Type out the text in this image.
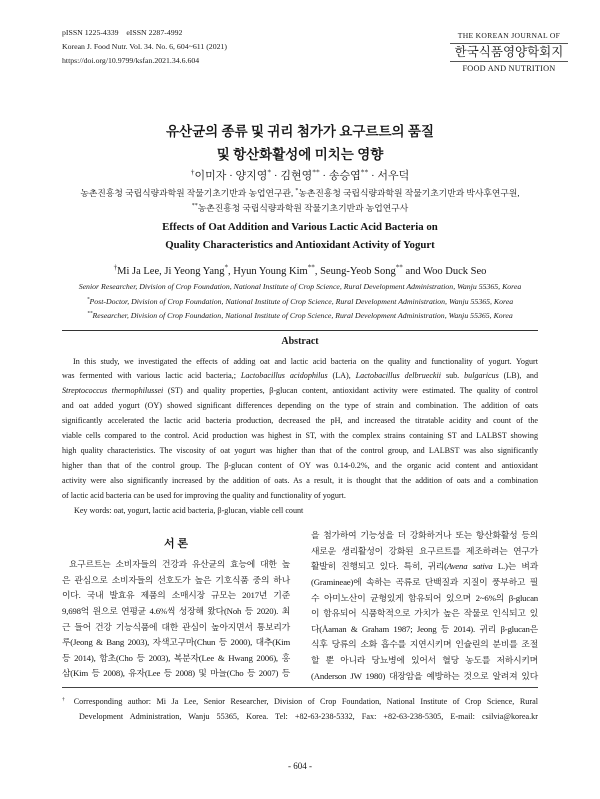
pISSN 1225-4339    eISSN 2287-4992
Korean J. Food Nutr. Vol. 34. No. 6, 604~611 (2021)
https://doi.org/10.9799/ksfan.2021.34.6.604
THE KOREAN JOURNAL OF
한국식품영양학회지
FOOD AND NUTRITION
유산균의 종류 및 귀리 첨가가 요구르트의 품질
및 항산화활성에 미치는 영향
†이미자 · 양지영* · 김현영** · 송승엽** · 서우덕
농촌진흥청 국립식량과학원 작물기초기반과 농업연구관, *농촌진흥청 국립식량과학원 작물기초기반과 박사후연구원,
**농촌진흥청 국립식량과학원 작물기초기반과 농업연구사
Effects of Oat Addition and Various Lactic Acid Bacteria on
Quality Characteristics and Antioxidant Activity of Yogurt
†Mi Ja Lee, Ji Yeong Yang*, Hyun Young Kim**, Seung-Yeob Song** and Woo Duck Seo
Senior Researcher, Division of Crop Foundation, National Institute of Crop Science, Rural Development Administration, Wanju 55365, Korea
*Post-Doctor, Division of Crop Foundation, National Institute of Crop Science, Rural Development Administration, Wanju 55365, Korea
**Researcher, Division of Crop Foundation, National Institute of Crop Science, Rural Development Administration, Wanju 55365, Korea
Abstract
In this study, we investigated the effects of adding oat and lactic acid bacteria on the quality and functionality of yogurt. Yogurt
was fermented with various lactic acid bacteria,; Lactobacillus acidophilus (LA), Lactobacillus delbrueckii sub. bulgaricus (LB), and
Streptococcus thermophilussei (ST) and quality properties, β-glucan content, antioxidant activity were estimated. The quality of control
and oat added yogurt (OY) showed significant differences depending on the type of strain and combination. The addition of oats
significantly accelerated the lactic acid bacteria production, decreased the pH, and increased the titratable acidity and count of the
viable cells compared to the control. Acid production was highest in ST, with the complex strains containing ST and LALBST showing
high quality characteristics. The viscosity of oat yogurt was higher than that of the control group, and LALBST was also significantly
higher than that of the control group. The β-glucan content of OY was 0.14-0.2%, and the organic acid content and antioxidant
activity were also significantly increased by the addition of oats. As a result, it is thought that the addition of oats and a combination
of lactic acid bacteria can be used for improving the quality and functionality of yogurt.
Key words: oat, yogurt, lactic acid bacteria, β-glucan, viable cell count
서 론
요구르트는 소비자들의 건강과 유산균의 효능에 대한 높
은 관심으로 소비자들의 선호도가 높은 기호식품 중의 하나
이다. 국내 발효유 제품의 소매시장 규모는 2017년 기준
9,698억 원으로 연평균 4.6%씩 성장해 왔다(Noh 등 2020). 최
근 들어 건강 기능식품에 대한 관심이 높아지면서 통보리가
루(Jeong & Bang 2003), 자색고구마(Chun 등 2000), 대추(Kim
등 2014), 함초(Cho 등 2003), 복분자(Lee & Hwang 2006), 홍
삼(Kim 등 2008), 유자(Lee 등 2008) 및 마늘(Cho 등 2007) 등
을 첨가하여 기능성을 더 강화하거나 또는 항산화활성 등의
새로운 생리활성이 강화된 요구르트를 제조하려는 연구가
활발히 진행되고 있다. 특히, 귀리(Avena sativa L.)는 벼과
(Gramineae)에 속하는 곡류로 단백질과 지질이 풍부하고 필
수 아미노산이 균형있게 함유되어 있으며 2~6%의 β-glucan
이 함유되어 식품학적으로 가치가 높은 작물로 인식되고 있
다(Åaman & Graham 1987; Jeong 등 2014). 귀리 β-glucan은
식후 당류의 소화 흡수를 지연시키며 인슐린의 분비를 조절
할 뿐 아니라 당뇨병에 있어서 혈당 농도를 저하시키며
(Anderson JW 1980) 대장암을 예방하는 것으로 알려져 있다
† Corresponding author: Mi Ja Lee, Senior Researcher, Division of Crop Foundation, National Institute of Crop Science, Rural
Development Administration, Wanju 55365, Korea. Tel: +82-63-238-5332, Fax: +82-63-238-5305, E-mail: csilvia@korea.kr
- 604 -
